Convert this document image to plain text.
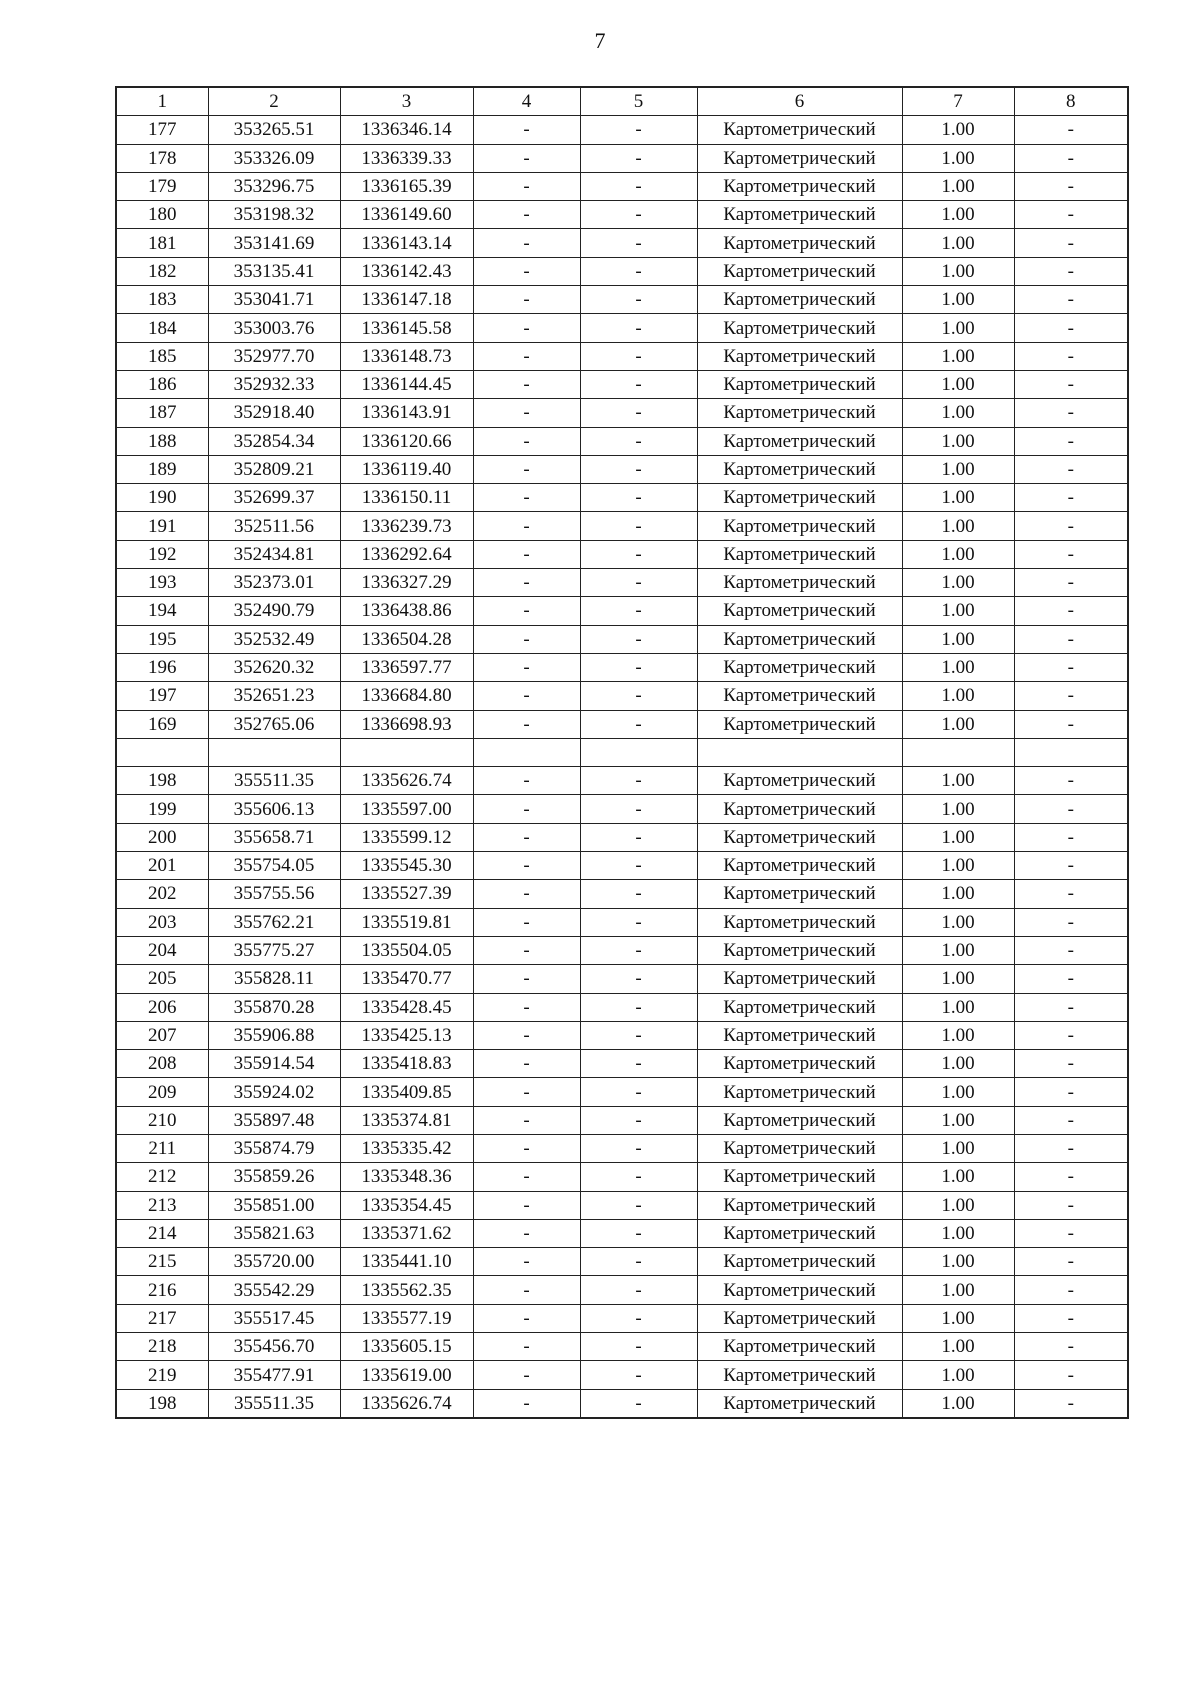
7
1	2	3	4	5	6	7	8
177	353265.51	1336346.14	-	-	Картометрический	1.00	-
178	353326.09	1336339.33	-	-	Картометрический	1.00	-
179	353296.75	1336165.39	-	-	Картометрический	1.00	-
180	353198.32	1336149.60	-	-	Картометрический	1.00	-
181	353141.69	1336143.14	-	-	Картометрический	1.00	-
182	353135.41	1336142.43	-	-	Картометрический	1.00	-
183	353041.71	1336147.18	-	-	Картометрический	1.00	-
184	353003.76	1336145.58	-	-	Картометрический	1.00	-
185	352977.70	1336148.73	-	-	Картометрический	1.00	-
186	352932.33	1336144.45	-	-	Картометрический	1.00	-
187	352918.40	1336143.91	-	-	Картометрический	1.00	-
188	352854.34	1336120.66	-	-	Картометрический	1.00	-
189	352809.21	1336119.40	-	-	Картометрический	1.00	-
190	352699.37	1336150.11	-	-	Картометрический	1.00	-
191	352511.56	1336239.73	-	-	Картометрический	1.00	-
192	352434.81	1336292.64	-	-	Картометрический	1.00	-
193	352373.01	1336327.29	-	-	Картометрический	1.00	-
194	352490.79	1336438.86	-	-	Картометрический	1.00	-
195	352532.49	1336504.28	-	-	Картометрический	1.00	-
196	352620.32	1336597.77	-	-	Картометрический	1.00	-
197	352651.23	1336684.80	-	-	Картометрический	1.00	-
169	352765.06	1336698.93	-	-	Картометрический	1.00	-

198	355511.35	1335626.74	-	-	Картометрический	1.00	-
199	355606.13	1335597.00	-	-	Картометрический	1.00	-
200	355658.71	1335599.12	-	-	Картометрический	1.00	-
201	355754.05	1335545.30	-	-	Картометрический	1.00	-
202	355755.56	1335527.39	-	-	Картометрический	1.00	-
203	355762.21	1335519.81	-	-	Картометрический	1.00	-
204	355775.27	1335504.05	-	-	Картометрический	1.00	-
205	355828.11	1335470.77	-	-	Картометрический	1.00	-
206	355870.28	1335428.45	-	-	Картометрический	1.00	-
207	355906.88	1335425.13	-	-	Картометрический	1.00	-
208	355914.54	1335418.83	-	-	Картометрический	1.00	-
209	355924.02	1335409.85	-	-	Картометрический	1.00	-
210	355897.48	1335374.81	-	-	Картометрический	1.00	-
211	355874.79	1335335.42	-	-	Картометрический	1.00	-
212	355859.26	1335348.36	-	-	Картометрический	1.00	-
213	355851.00	1335354.45	-	-	Картометрический	1.00	-
214	355821.63	1335371.62	-	-	Картометрический	1.00	-
215	355720.00	1335441.10	-	-	Картометрический	1.00	-
216	355542.29	1335562.35	-	-	Картометрический	1.00	-
217	355517.45	1335577.19	-	-	Картометрический	1.00	-
218	355456.70	1335605.15	-	-	Картометрический	1.00	-
219	355477.91	1335619.00	-	-	Картометрический	1.00	-
198	355511.35	1335626.74	-	-	Картометрический	1.00	-
